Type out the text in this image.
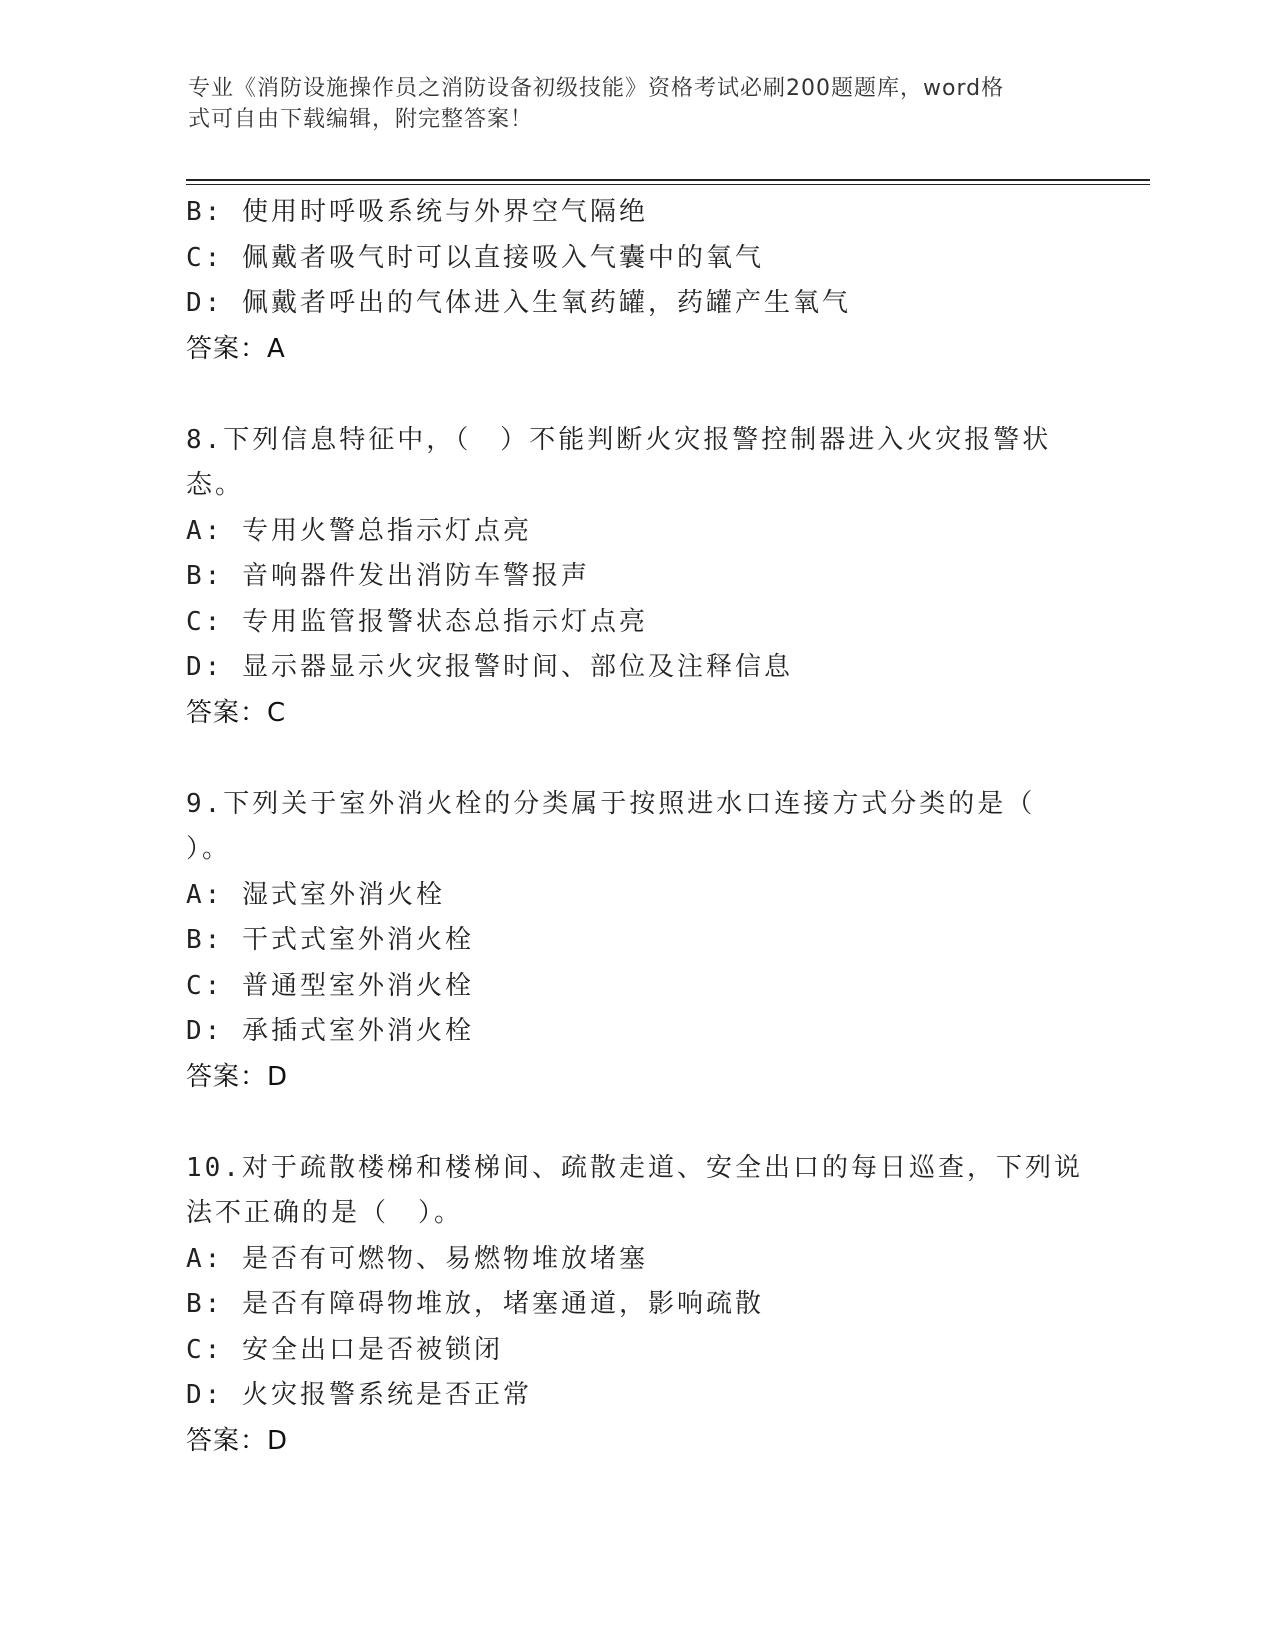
专业《消防设施操作员之消防设备初级技能》资格考试必刷200题题库，word格
式可自由下载编辑，附完整答案！
B: 使用时呼吸系统与外界空气隔绝
C: 佩戴者吸气时可以直接吸入气囊中的氧气
D: 佩戴者呼出的气体进入生氧药罐，药罐产生氧气
答案：A
8.下列信息特征中，（　）不能判断火灾报警控制器进入火灾报警状
态。
A: 专用火警总指示灯点亮
B: 音响器件发出消防车警报声
C: 专用监管报警状态总指示灯点亮
D: 显示器显示火灾报警时间、部位及注释信息
答案：C
9.下列关于室外消火栓的分类属于按照进水口连接方式分类的是（
）。
A: 湿式室外消火栓
B: 干式式室外消火栓
C: 普通型室外消火栓
D: 承插式室外消火栓
答案：D
10.对于疏散楼梯和楼梯间、疏散走道、安全出口的每日巡查，下列说
法不正确的是（　）。
A: 是否有可燃物、易燃物堆放堵塞
B: 是否有障碍物堆放，堵塞通道，影响疏散
C: 安全出口是否被锁闭
D: 火灾报警系统是否正常
答案：D
